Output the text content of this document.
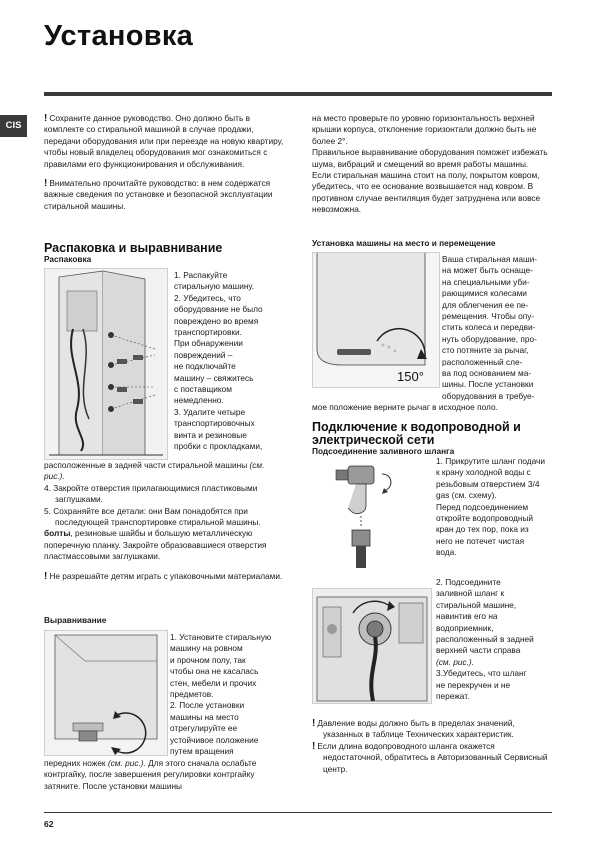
Установка
CIS

! Сохраните данное руководство. Оно должно быть в комплекте со стиральной машиной в случае продажи, передачи оборудования или при переезде на новую квартиру, чтобы новый владелец оборудования мог ознакомиться с правилами его функционирования и обслуживания.

! Внимательно прочитайте руководство: в нем содержатся важные сведения по установке и безопасной эксплуатации стиральной машины.

Распаковка и выравнивание
Распаковка

1. Распакуйте

стиральную машину.

2. Убедитесь, что

оборудование не было

повреждено во время

транспортировки.

При обнаружении

повреждений –

не подключайте

машину – свяжитесь

с поставщиком

немедленно.

3. Удалите четыре

транспортировочных

винта и резиновые

пробки с прокладками,

расположенные в задней части стиральной машины (см. рис.).

4. Закройте отверстия прилагающимися пластиковыми заглушками.

5. Сохраняйте все детали: они Вам понадобятся при последующей транспортировке стиральной машины.

болты, резиновые шайбы и большую металлическую поперечную планку. Закройте образовавшиеся отверстия пластмассовыми заглушками.

! Не разрешайте детям играть с упаковочными материалами.

Выравнивание

1. Установите стиральную

машину на ровном

и прочном полу, так

чтобы она не касалась

стен, мебели и прочих

предметов.

2. После установки

машины на место

отрегулируйте ее

устойчивое положение

путем вращения

передних ножек (см. рис.). Для этого сначала ослабьте контргайку, после завершения регулировки контргайку затяните. После установки машины

на место проверьте по уровню горизонтальность верхней крышки корпуса, отклонение горизонтали должно быть не более 2°.

Правильное выравнивание оборудования поможет избежать шума, вибраций и смещений во время работы машины.

Если стиральная машина стоит на полу, покрытом ковром, убедитесь, что ее основание возвышается над ковром. В противном случае вентиляция будет затруднена или вовсе невозможна.

Установка машины на место и перемещение
150°

Ваша стиральная маши-

на может быть оснаще-

на специальными уби-

рающимися колесами

для облегчения ее пе-

ремещения. Чтобы опу-

стить колеса и передви-

нуть оборудование, про-

сто потяните за рычаг,

расположенный сле-

ва под основанием ма-

шины. После установки

оборудования в требуе-

мое положение верните рычаг в исходное поло.
Подключение к водопроводной и электрической сети
Подсоединение заливного шланга

1. Прикрутите шланг подачи

к крану холодной воды с

резьбовым отверстием 3/4

gas (см. схему).

Перед подсоединением

откройте водопроводный

кран до тех пор, пока из

него не потечет чистая

вода.

2. Подсоедините

заливной шланг к

стиральной машине,

навинтив его на

водоприемник,

расположенный в задней

верхней части справа

(см. рис.).

3.Убедитесь, что шланг

не перекручен и не

пережат.

! Давление воды должно быть в пределах значений, указанных в таблице Технических характеристик.

! Если длина водопроводного шланга окажется недостаточной, обратитесь в Авторизованный Сервисный центр.

62
